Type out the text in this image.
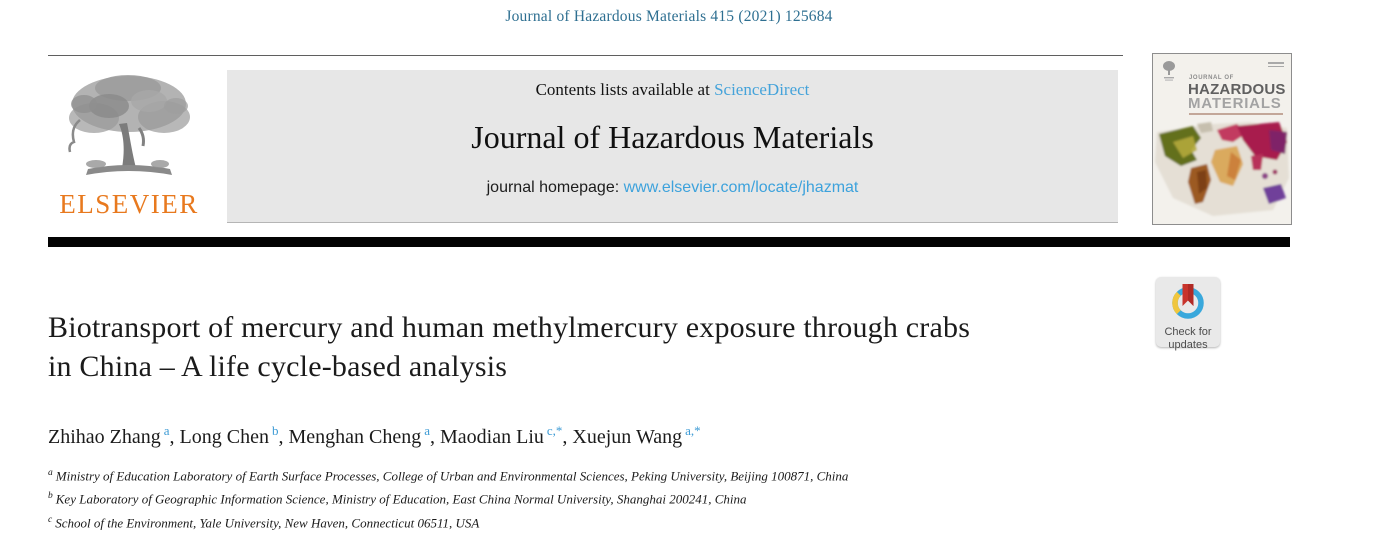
Journal of Hazardous Materials 415 (2021) 125684
ELSEVIER
Contents lists available at ScienceDirect
Journal of Hazardous Materials
journal homepage: www.elsevier.com/locate/jhazmat
JOURNAL OF
HAZARDOUS
MATERIALS
Check for
updates
Biotransport of mercury and human methylmercury exposure through crabs
in China – A life cycle-based analysis
Zhihao Zhang $^a$, Long Chen $^b$, Menghan Cheng $^a$, Maodian Liu $^{c,*}$, Xuejun Wang $^{a,*}$
$^a$ Ministry of Education Laboratory of Earth Surface Processes, College of Urban and Environmental Sciences, Peking University, Beijing 100871, China
$^b$ Key Laboratory of Geographic Information Science, Ministry of Education, East China Normal University, Shanghai 200241, China
$^c$ School of the Environment, Yale University, New Haven, Connecticut 06511, USA
